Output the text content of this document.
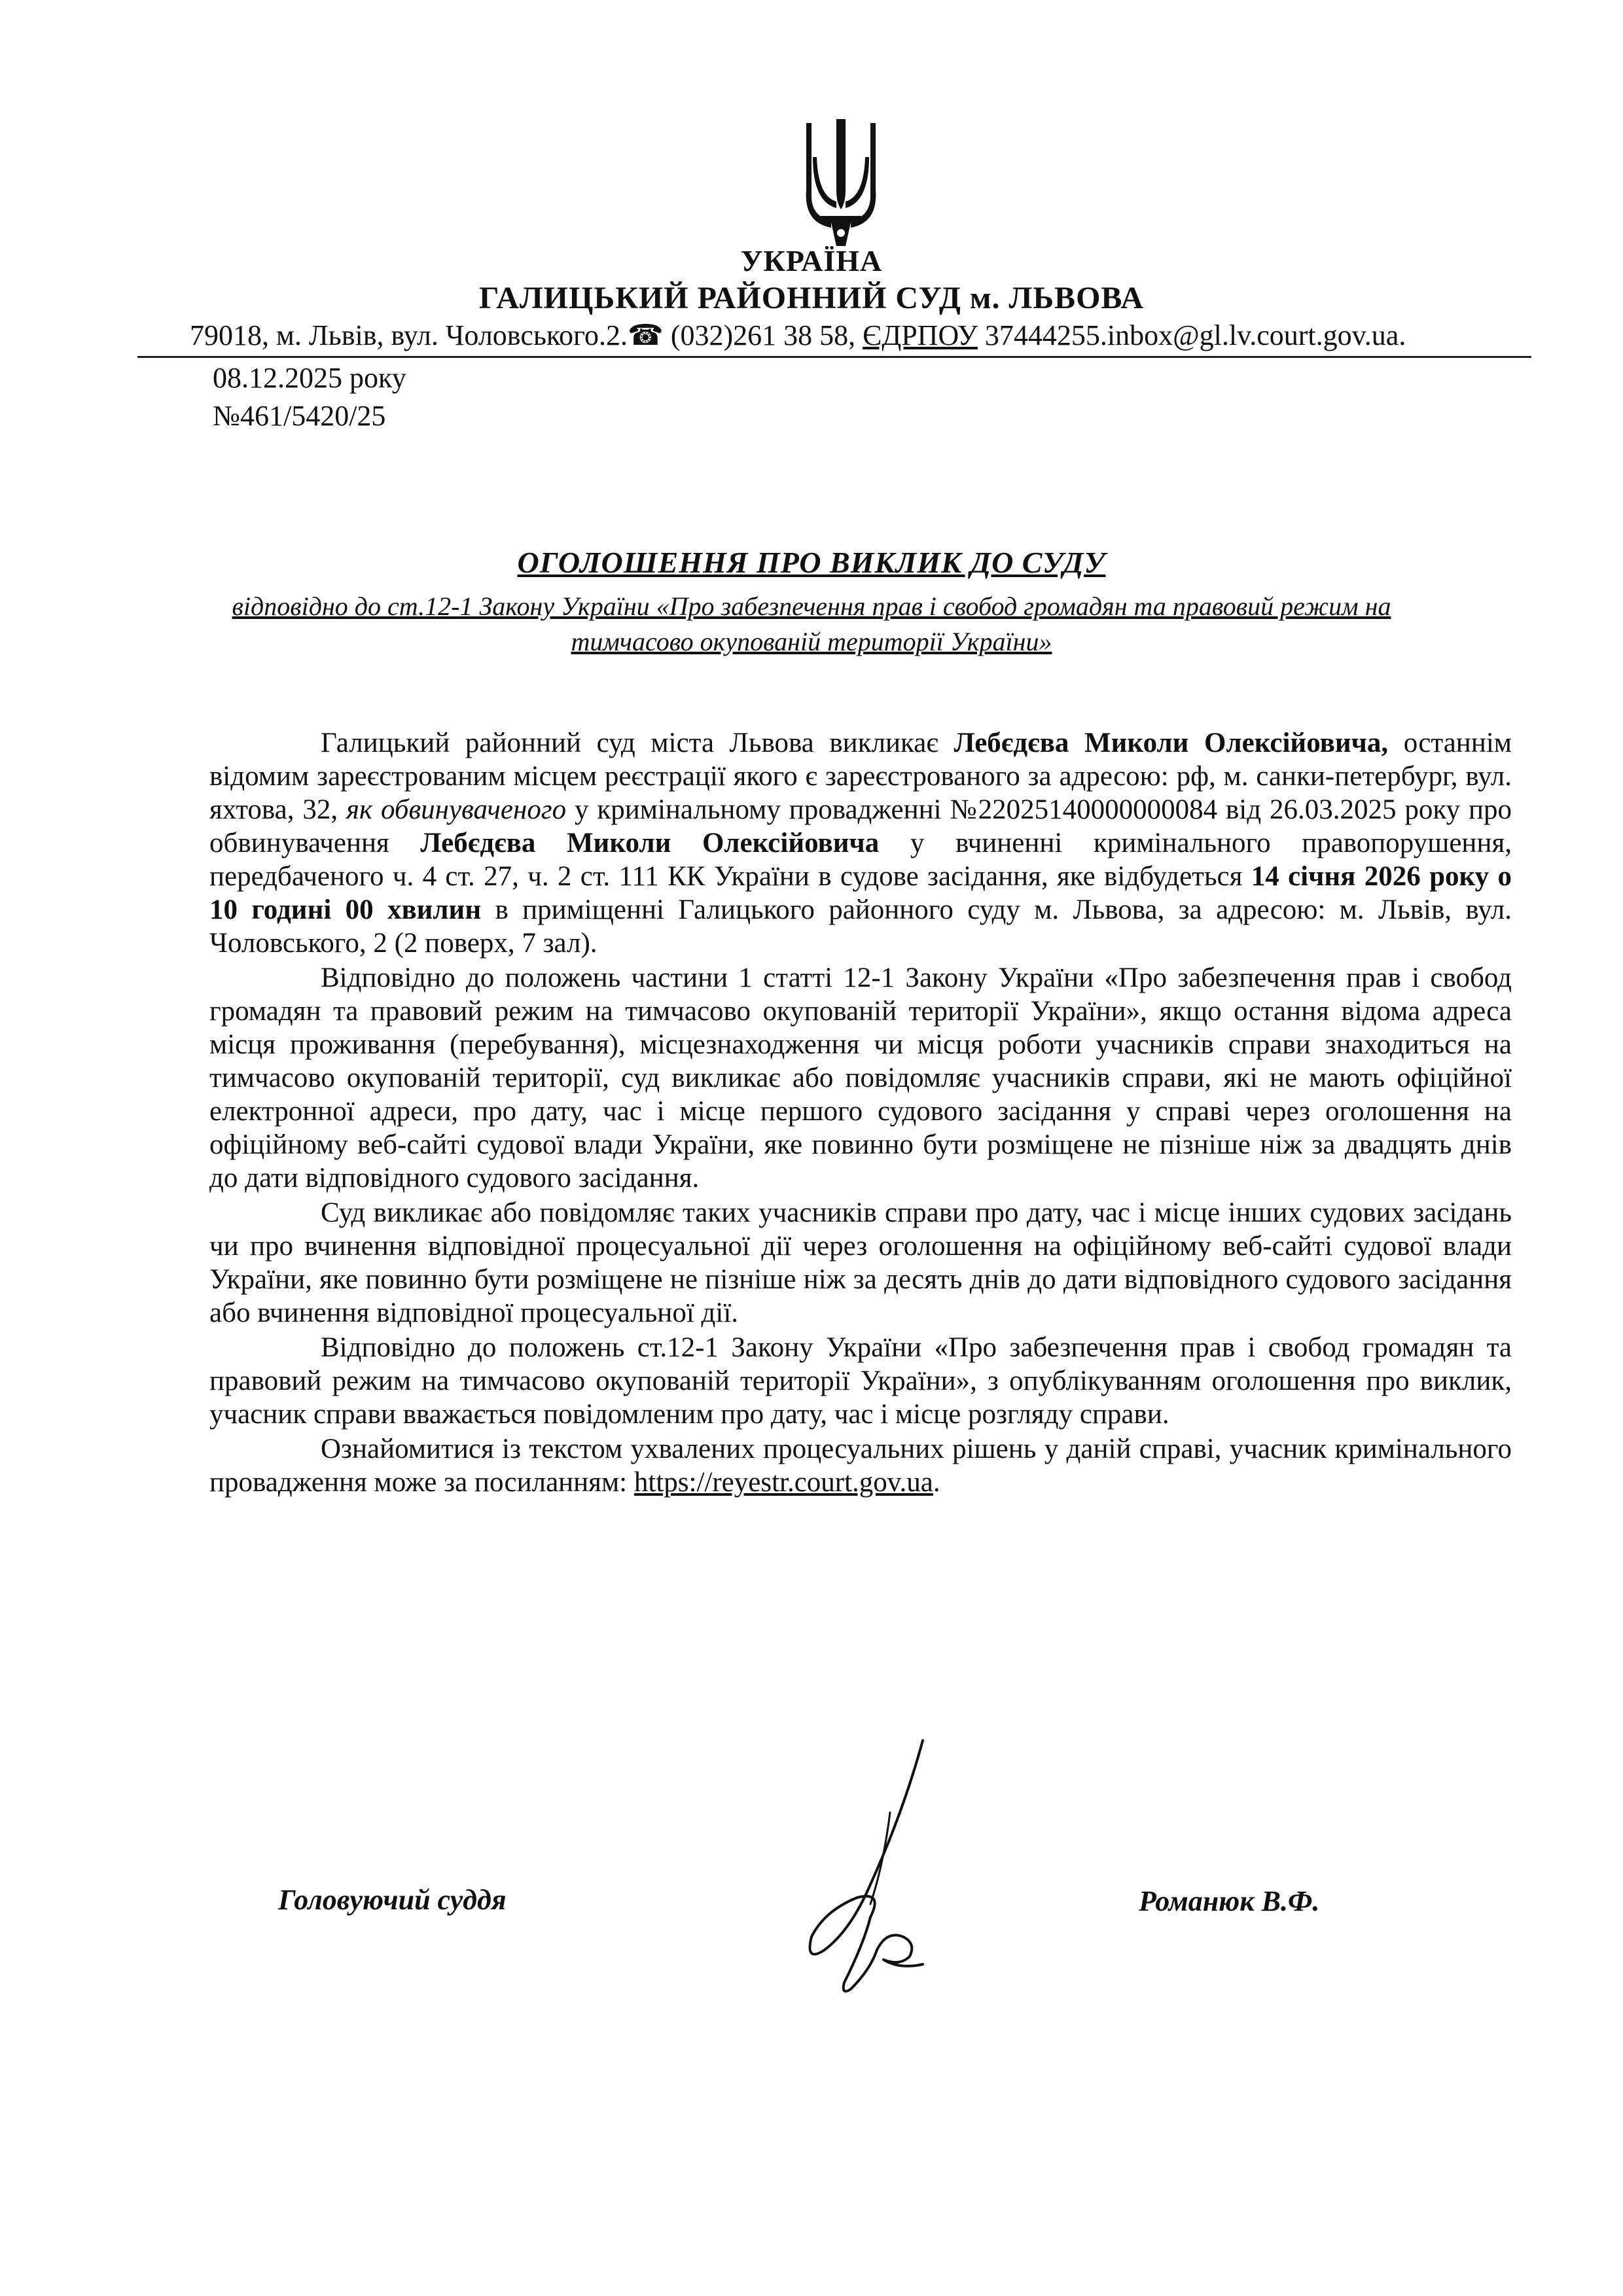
УКРАЇНА
ГАЛИЦЬКИЙ РАЙОННИЙ СУД м. ЛЬВОВА
79018, м. Львів, вул. Чоловського.2.☎ (032)261 38 58, ЄДРПОУ 37444255.inbox@gl.lv.court.gov.ua.
08.12.2025 року
№461/5420/25
ОГОЛОШЕННЯ ПРО ВИКЛИК ДО СУДУ
відповідно до ст.12-1 Закону України «Про забезпечення прав і свобод громадян та правовий режим на тимчасово окупованій території України»

Галицький районний суд міста Львова викликає Лебєдєва Миколи Олексійовича, останнім відомим зареєстрованим місцем реєстрації якого є зареєстрованого за адресою: рф, м. санки-петербург, вул. яхтова, 32, як обвинуваченого у кримінальному провадженні №22025140000000084 від 26.03.2025 року про обвинувачення Лебєдєва Миколи Олексійовича у вчиненні кримінального правопорушення, передбаченого ч. 4 ст. 27, ч. 2 ст. 111 КК України в судове засідання, яке відбудеться 14 січня 2026 року о 10 годині 00 хвилин в приміщенні Галицького районного суду м. Львова, за адресою: м. Львів, вул. Чоловського, 2 (2 поверх, 7 зал).

Відповідно до положень частини 1 статті 12-1 Закону України «Про забезпечення прав і свобод громадян та правовий режим на тимчасово окупованій території України», якщо остання відома адреса місця проживання (перебування), місцезнаходження чи місця роботи учасників справи знаходиться на тимчасово окупованій території, суд викликає або повідомляє учасників справи, які не мають офіційної електронної адреси, про дату, час і місце першого судового засідання у справі через оголошення на офіційному веб-сайті судової влади України, яке повинно бути розміщене не пізніше ніж за двадцять днів до дати відповідного судового засідання.

Суд викликає або повідомляє таких учасників справи про дату, час і місце інших судових засідань чи про вчинення відповідної процесуальної дії через оголошення на офіційному веб-сайті судової влади України, яке повинно бути розміщене не пізніше ніж за десять днів до дати відповідного судового засідання або вчинення відповідної процесуальної дії.

Відповідно до положень ст.12-1 Закону України «Про забезпечення прав і свобод громадян та правовий режим на тимчасово окупованій території України», з опублікуванням оголошення про виклик, учасник справи вважається повідомленим про дату, час і місце розгляду справи.

Ознайомитися із текстом ухвалених процесуальних рішень у даній справі, учасник кримінального провадження може за посиланням: https://reyestr.court.gov.ua.

Головуючий суддя	Романюк В.Ф.
